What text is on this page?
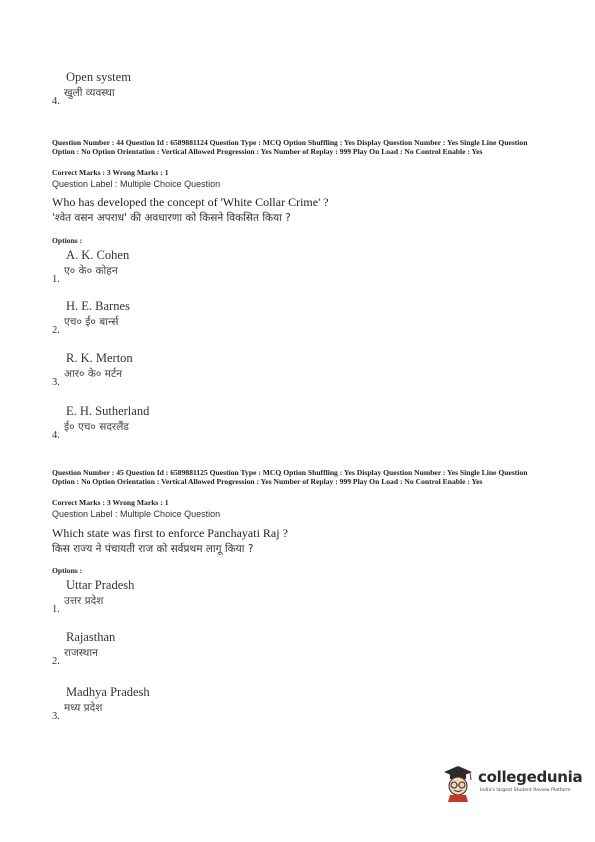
Open system
खुली व्यवस्था
4.
Question Number : 44 Question Id : 6589881124 Question Type : MCQ Option Shuffling : Yes Display Question Number : Yes Single Line Question Option : No Option Orientation : Vertical Allowed Progression : Yes Number of Replay : 999 Play On Load : No Control Enable : Yes
Correct Marks : 3 Wrong Marks : 1
Question Label : Multiple Choice Question
Who has developed the concept of 'White Collar Crime' ?
'श्वेत वसन अपराध' की अवधारणा को किसने विकसित किया ?
Options :
A. K. Cohen
ए० के० कोहन
1.
H. E. Barnes
एच० ई० बार्न्स
2.
R. K. Merton
आर० के० मर्टन
3.
E. H. Sutherland
ई० एच० सदरलैंड
4.
Question Number : 45 Question Id : 6589881125 Question Type : MCQ Option Shuffling : Yes Display Question Number : Yes Single Line Question Option : No Option Orientation : Vertical Allowed Progression : Yes Number of Replay : 999 Play On Load : No Control Enable : Yes
Correct Marks : 3 Wrong Marks : 1
Question Label : Multiple Choice Question
Which state was first to enforce Panchayati Raj ?
किस राज्य ने पंचायती राज को सर्वप्रथम लागू किया ?
Options :
Uttar Pradesh
उत्तर प्रदेश
1.
Rajasthan
राजस्थान
2.
Madhya Pradesh
मध्य प्रदेश
3.
collegedunia
India's largest Student Review Platform
